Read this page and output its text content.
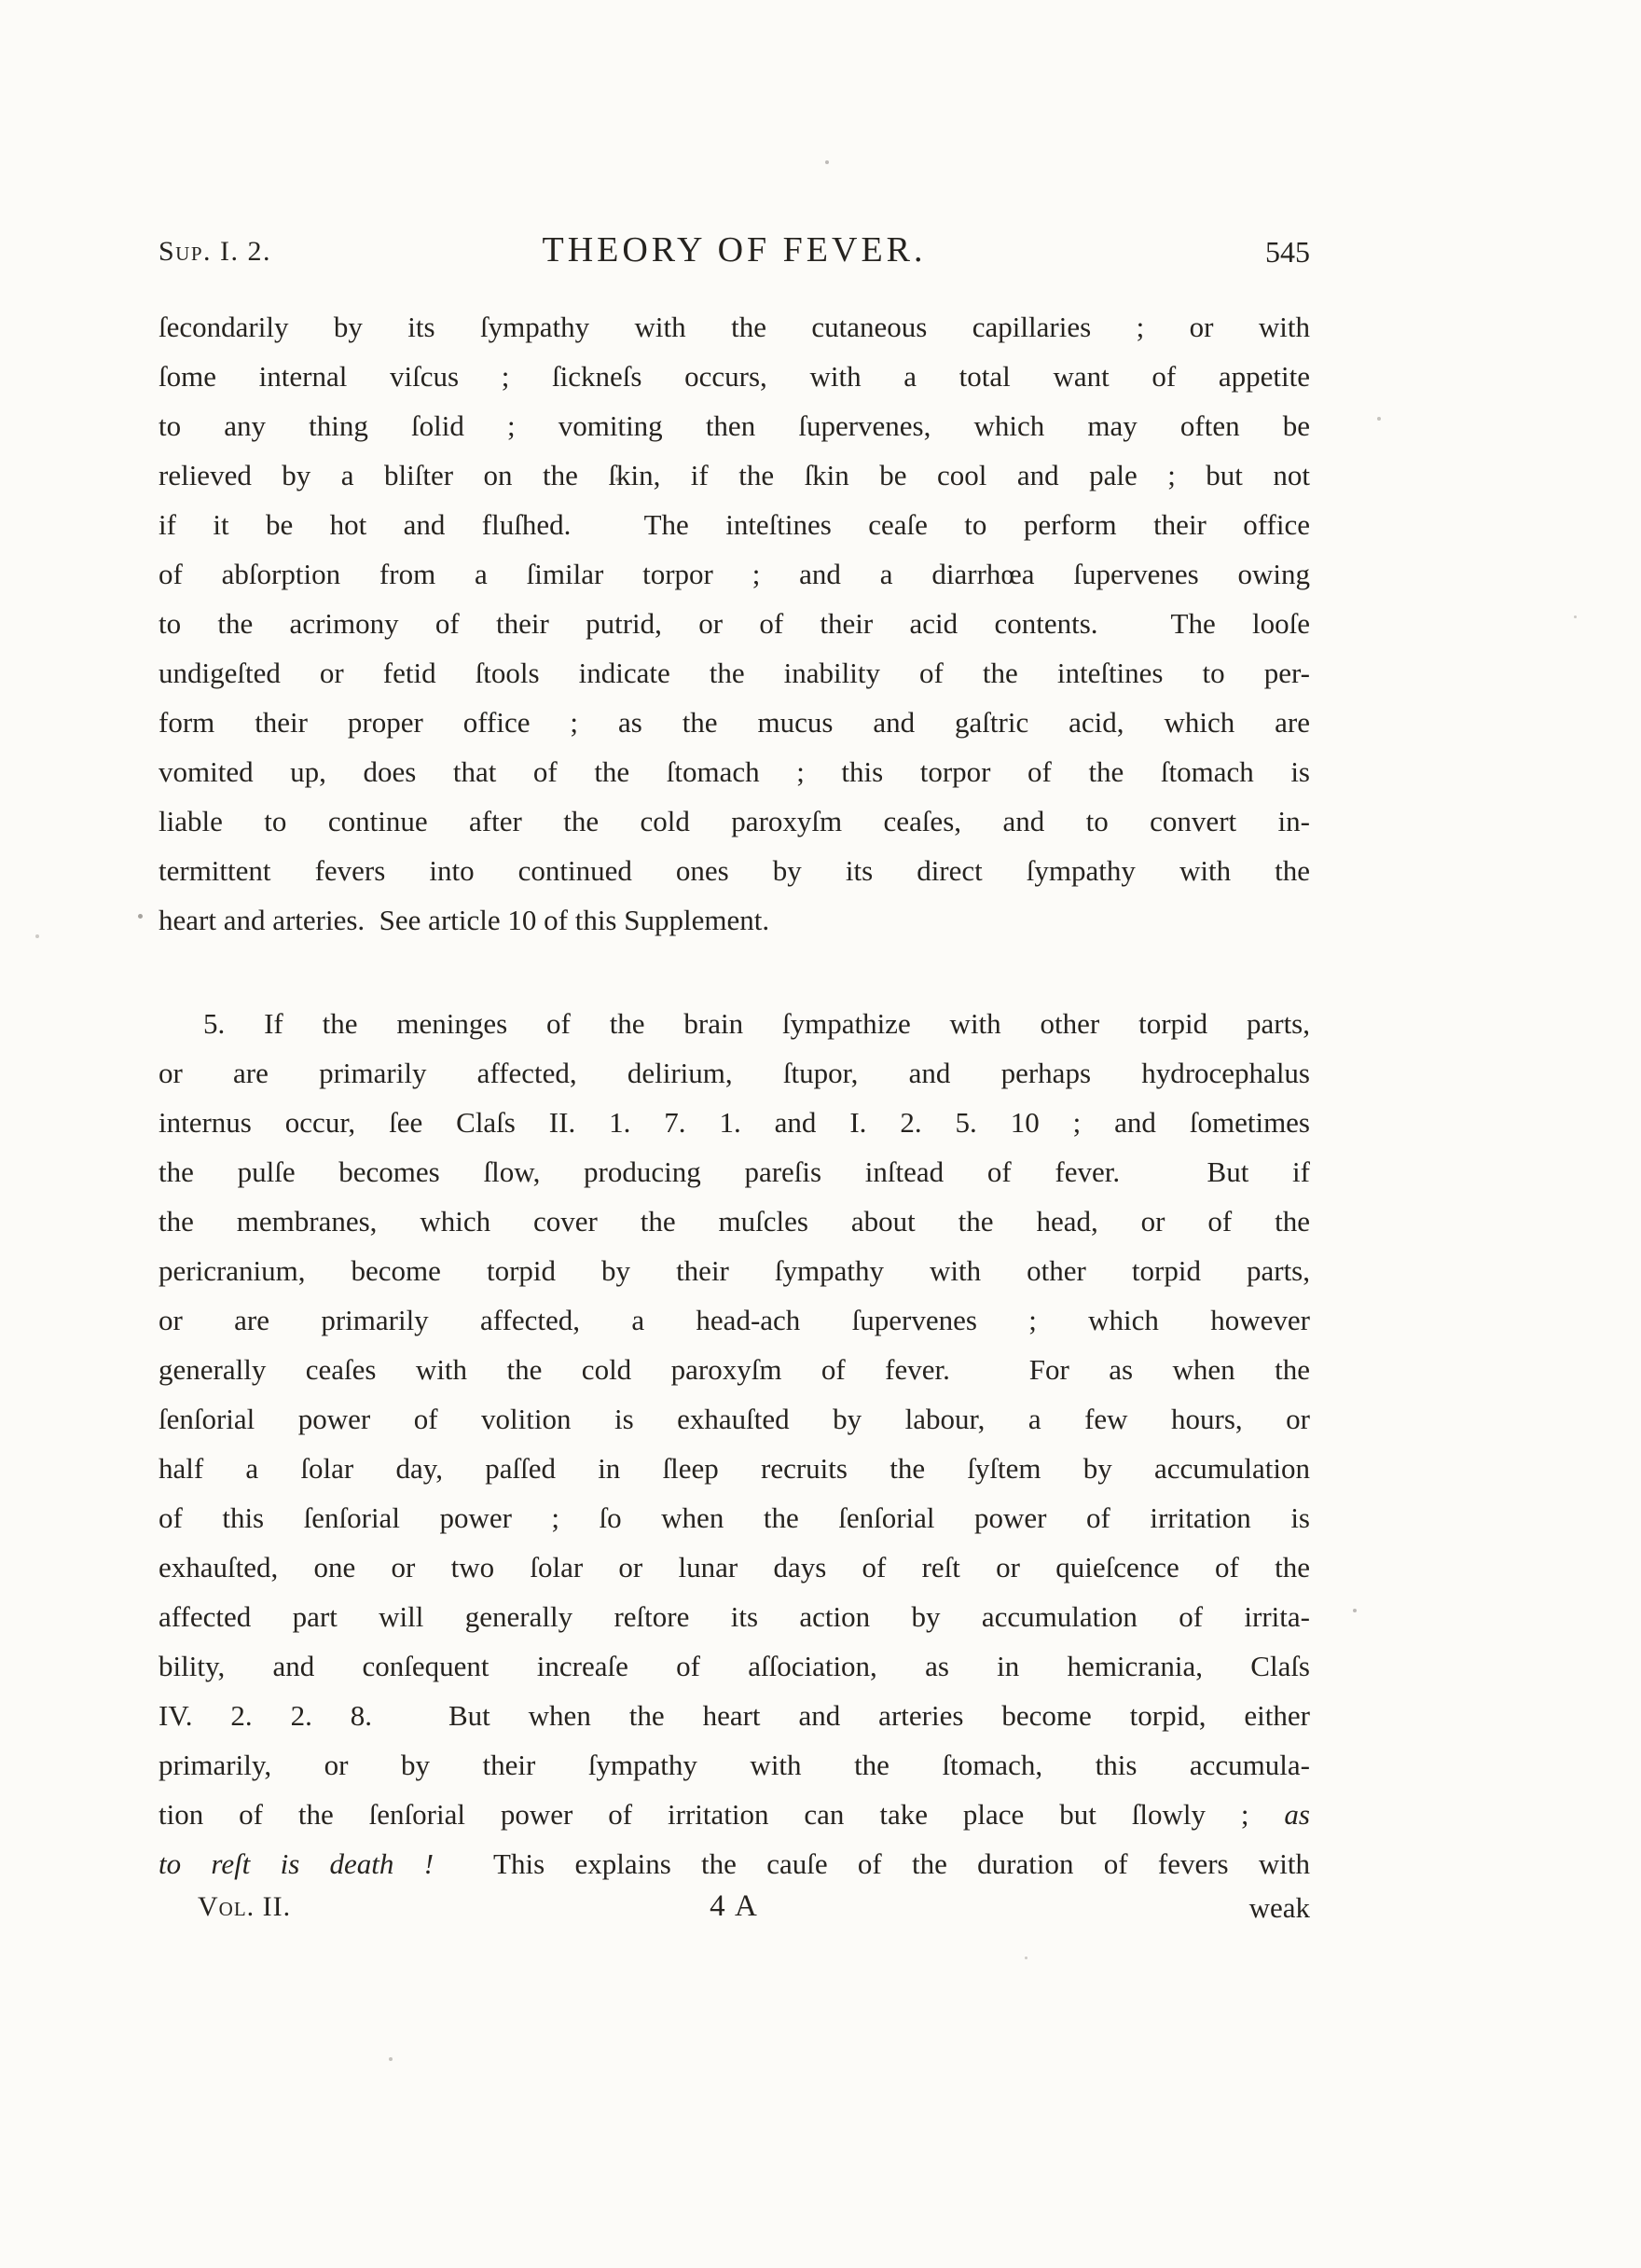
Sup. I. 2.	THEORY OF FEVER.	545
ſecondarily by its ſympathy with the cutaneous capillaries ; or with
ſome internal viſcus ; ſickneſs occurs, with a total want of appetite
to any thing ſolid ; vomiting then ſupervenes, which may often be
relieved by a bliſter on the ſkin, if the ſkin be cool and pale ; but not
if it be hot and fluſhed.  The inteſtines ceaſe to perform their office
of abſorption from a ſimilar torpor ; and a diarrhœa ſupervenes owing
to the acrimony of their putrid, or of their acid contents.  The looſe
undigeſted or fetid ſtools indicate the inability of the inteſtines to per-
form their proper office ; as the mucus and gaſtric acid, which are
vomited up, does that of the ſtomach ; this torpor of the ſtomach is
liable to continue after the cold paroxyſm ceaſes, and to convert in-
termittent fevers into continued ones by its direct ſympathy with the
heart and arteries.  See article 10 of this Supplement.
5. If the meninges of the brain ſympathize with other torpid parts,
or are primarily affected, delirium, ſtupor, and perhaps hydrocephalus
internus occur, ſee Claſs II. 1. 7. 1. and I. 2. 5. 10 ; and ſometimes
the pulſe becomes ſlow, producing pareſis inſtead of fever.  But if
the membranes, which cover the muſcles about the head, or of the
pericranium, become torpid by their ſympathy with other torpid parts,
or are primarily affected, a head-ach ſupervenes ; which however
generally ceaſes with the cold paroxyſm of fever.  For as when the
ſenſorial power of volition is exhauſted by labour, a few hours, or
half a ſolar day, paſſed in ſleep recruits the ſyſtem by accumulation
of this ſenſorial power ; ſo when the ſenſorial power of irritation is
exhauſted, one or two ſolar or lunar days of reſt or quieſcence of the
affected part will generally reſtore its action by accumulation of irrita-
bility, and conſequent increaſe of aſſociation, as in hemicrania, Claſs
IV. 2. 2. 8.  But when the heart and arteries become torpid, either
primarily, or by their ſympathy with the ſtomach, this accumula-
tion of the ſenſorial power of irritation can take place but ſlowly ; as
to reſt is death !  This explains the cauſe of the duration of fevers with
Vol. II.	4 A	weak
